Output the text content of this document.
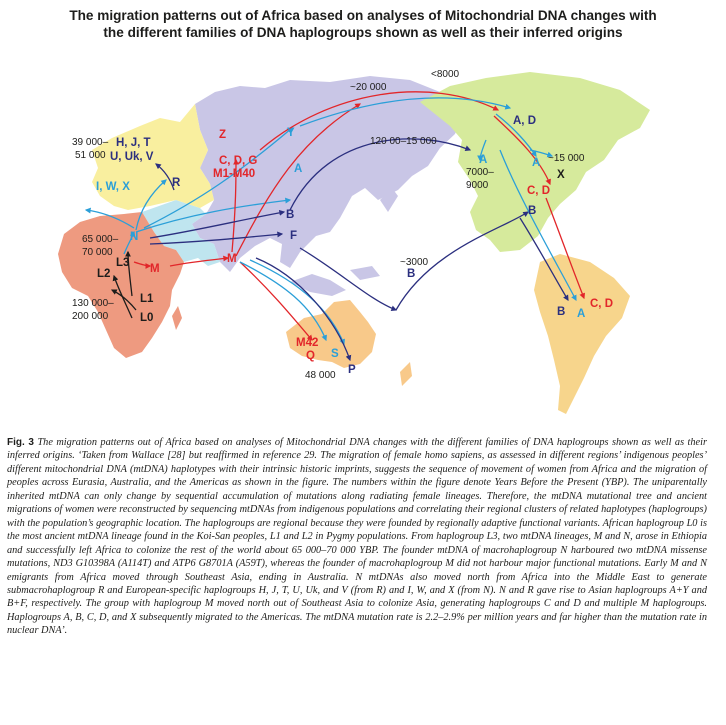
The migration patterns out of Africa based on analyses of Mitochondrial DNA changes with
the different families of DNA haplogroups shown as well as their inferred origins
39 000– H, J, T
51 000 U, Uk, V
I, W, X	R
N
65 000–
70 000
L3 M
L2
L1
L0
130 000–
200 000
Z
C, D, G
M1-M40
Y
A
M
B
F
~20 000
120 00–15 000
<8000
A, D
A
7000–
9000
A ~15 000
X
C, D
B
~3000
B
M42
Q S
P
48 000
B A
C, D
Fig. 3 The migration patterns out of Africa based on analyses of Mitochondrial DNA changes with the different families of DNA haplogroups shown as well as their inferred origins. ‘Taken from Wallace [28] but reaffirmed in reference 29. The migration of female homo sapiens, as assessed in different regions’ indigenous peoples’ different mitochondrial DNA (mtDNA) haplotypes with their intrinsic historic imprints, suggests the sequence of movement of women from Africa and the migration of peoples across Eurasia, Australia, and the Americas as shown in the figure. The numbers within the figure denote Years Before the Present (YBP). The uniparentally inherited mtDNA can only change by sequential accumulation of mutations along radiating female lineages. Therefore, the mtDNA mutational tree and ancient migrations of women were reconstructed by sequencing mtDNAs from indigenous populations and correlating their regional clusters of related haplotypes (haplogroups) with the population’s geographic location. The haplogroups are regional because they were founded by regionally adaptive functional variants. African haplogroup L0 is the most ancient mtDNA lineage found in the Koi-San peoples, L1 and L2 in Pygmy populations. From haplogroup L3, two mtDNA lineages, M and N, arose in Ethiopia and successfully left Africa to colonize the rest of the world about 65 000–70 000 YBP. The founder mtDNA of macrohaplogroup N harboured two mtDNA missense mutations, ND3 G10398A (A114T) and ATP6 G8701A (A59T), whereas the founder of macrohaplogroup M did not harbour major functional mutations. Early M and N emigrants from Africa moved through Southeast Asia, ending in Australia. N mtDNAs also moved north from Africa into the Middle East to generate submacrohaplogroup R and European-specific haplogroups H, J, T, U, Uk, and V (from R) and I, W, and X (from N). N and R gave rise to Asian haplogroups A+Y and B+F, respectively. The group with haplogroup M moved north out of Southeast Asia to colonize Asia, generating haplogroups C and D and multiple M haplogroups. Haplogroups A, B, C, D, and X subsequently migrated to the Americas. The mtDNA mutation rate is 2.2–2.9% per million years and far higher than the mutation rate in nuclear DNA’.
